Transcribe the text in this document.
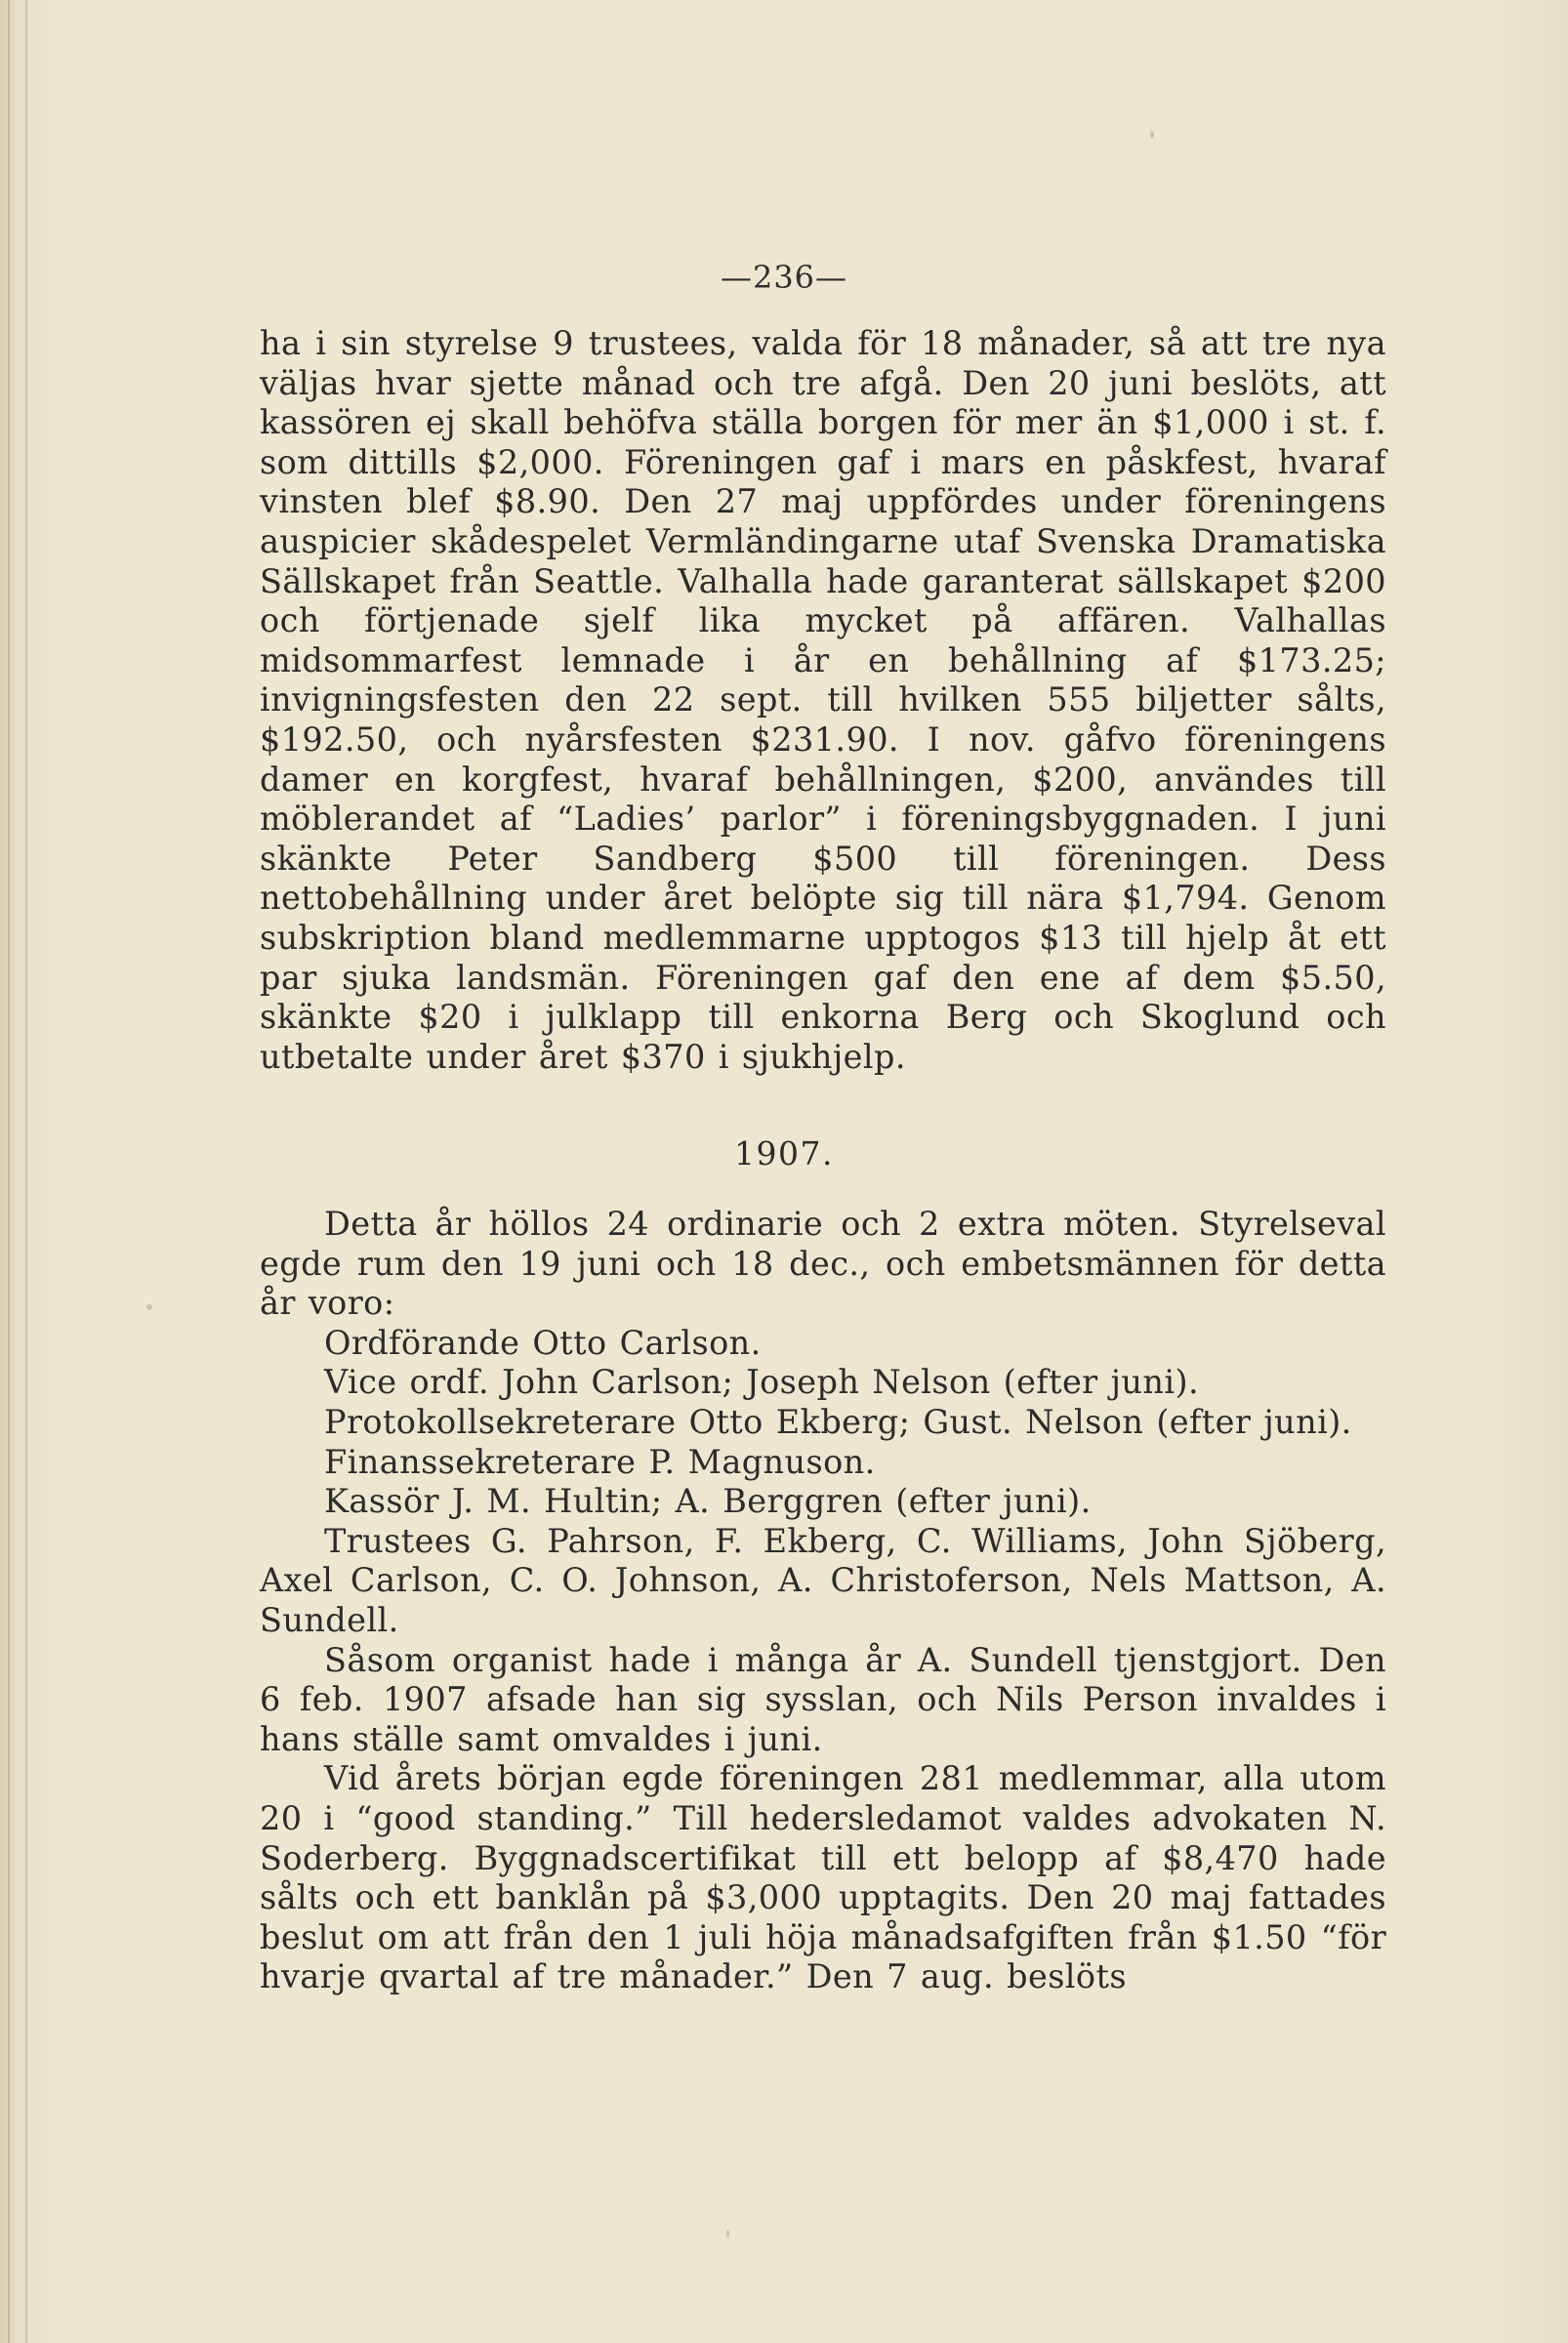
—236—
ha i sin styrelse 9 trustees, valda för 18 månader, så att tre nya väljas hvar sjette månad och tre afgå. Den 20 juni beslöts, att kassören ej skall behöfva ställa borgen för mer än $1,000 i st. f. som dittills $2,000. Föreningen gaf i mars en påskfest, hvaraf vinsten blef $8.90. Den 27 maj uppfördes under föreningens auspicier skådespelet Vermländingarne utaf Svenska Dramatiska Sällskapet från Seattle. Valhalla hade garanterat sällskapet $200 och förtjenade sjelf lika mycket på affären. Valhallas midsommarfest lemnade i år en behållning af $173.25; invigningsfesten den 22 sept. till hvilken 555 biljetter sålts, $192.50, och nyårsfesten $231.90. I nov. gåfvo föreningens damer en korgfest, hvaraf behållningen, $200, användes till möblerandet af “Ladies’ parlor” i föreningsbyggnaden. I juni skänkte Peter Sandberg $500 till föreningen. Dess nettobehållning under året belöpte sig till nära $1,794. Genom subskription bland medlemmarne upptogos $13 till hjelp åt ett par sjuka landsmän. Föreningen gaf den ene af dem $5.50, skänkte $20 i julklapp till enkorna Berg och Skoglund och utbetalte under året $370 i sjukhjelp.
1907.

Detta år höllos 24 ordinarie och 2 extra möten. Styrelseval egde rum den 19 juni och 18 dec., och embetsmännen för detta år voro:

Ordförande Otto Carlson.

Vice ordf. John Carlson; Joseph Nelson (efter juni).

Protokollsekreterare Otto Ekberg; Gust. Nelson (efter juni).

Finanssekreterare P. Magnuson.

Kassör J. M. Hultin; A. Berggren (efter juni).

Trustees G. Pahrson, F. Ekberg, C. Williams, John Sjöberg, Axel Carlson, C. O. Johnson, A. Christoferson, Nels Mattson, A. Sundell.

Såsom organist hade i många år A. Sundell tjenstgjort. Den 6 feb. 1907 afsade han sig sysslan, och Nils Person invaldes i hans ställe samt omvaldes i juni.

Vid årets början egde föreningen 281 medlemmar, alla utom 20 i “good standing.” Till hedersledamot valdes advokaten N. Soderberg. Byggnadscertifikat till ett belopp af $8,470 hade sålts och ett banklån på $3,000 upptagits. Den 20 maj fattades beslut om att från den 1 juli höja månadsafgiften från $1.50 “för hvarje qvartal af tre månader.” Den 7 aug. beslöts
